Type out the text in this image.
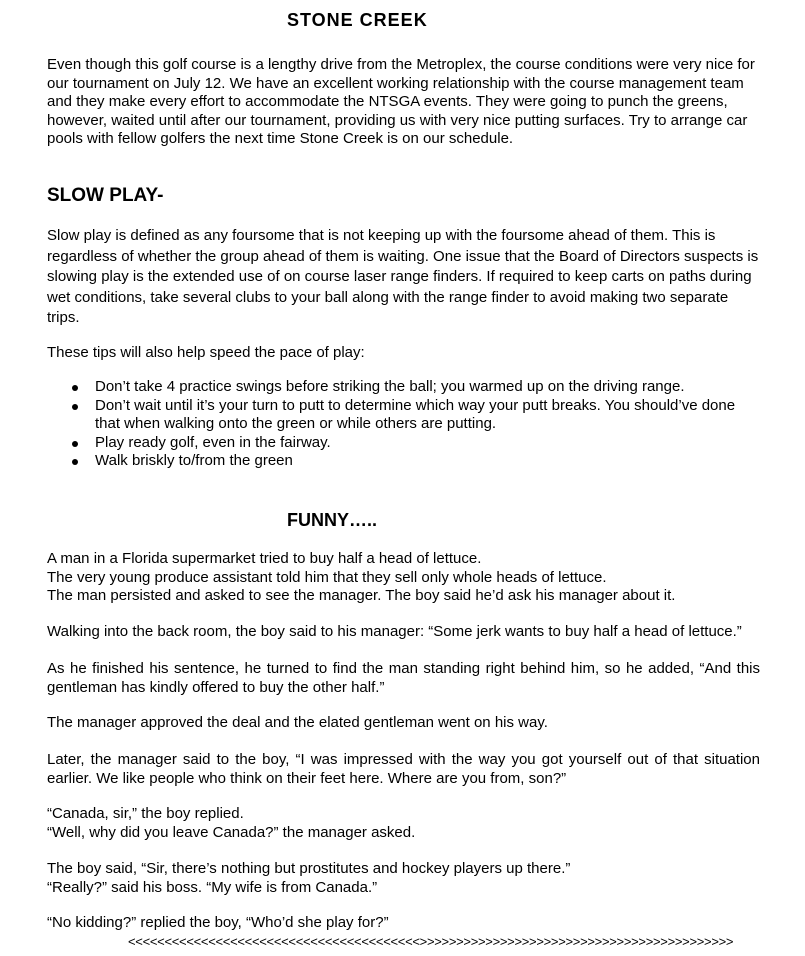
STONE CREEK

Even though this golf course is a lengthy drive from the Metroplex, the course conditions were very nice for our tournament on July 12. We have an excellent working relationship with the course management team and they make every effort to accommodate the NTSGA events. They were going to punch the greens, however, waited until after our tournament, providing us with very nice putting surfaces. Try to arrange car pools with fellow golfers the next time Stone Creek is on our schedule.

SLOW PLAY-

Slow play is defined as any foursome that is not keeping up with the foursome ahead of them. This is regardless of whether the group ahead of them is waiting. One issue that the Board of Directors suspects is slowing play is the extended use of on course laser range finders. If required to keep carts on paths during wet conditions, take several clubs to your ball along with the range finder to avoid making two separate trips.

These tips will also help speed the pace of play:

Don’t take 4 practice swings before striking the ball; you warmed up on the driving range.
Don’t wait until it’s your turn to putt to determine which way your putt breaks. You should’ve done that when walking onto the green or while others are putting.
Play ready golf, even in the fairway.
Walk briskly to/from the green
FUNNY…..

A man in a Florida supermarket tried to buy half a head of lettuce.
The very young produce assistant told him that they sell only whole heads of lettuce.
The man persisted and asked to see the manager. The boy said he’d ask his manager about it.

Walking into the back room, the boy said to his manager: “Some jerk wants to buy half a head of lettuce.”

As he finished his sentence, he turned to find the man standing right behind him, so he added, “And this gentleman has kindly offered to buy the other half.”

The manager approved the deal and the elated gentleman went on his way.

Later, the manager said to the boy, “I was impressed with the way you got yourself out of that situation earlier. We like people who think on their feet here. Where are you from, son?”

“Canada, sir,” the boy replied.
“Well, why did you leave Canada?” the manager asked.

The boy said, “Sir, there’s nothing but prostitutes and hockey players up there.”
“Really?” said his boss. “My wife is from Canada.”

“No kidding?” replied the boy, “Who’d she play for?”

<<<<<<<<<<<<<<<<<<<<<<<<<<<<<<<<<<<<<<<<>>>>>>>>>>>>>>>>>>>>>>>>>>>>>>>>>>>>>>>>>>>
